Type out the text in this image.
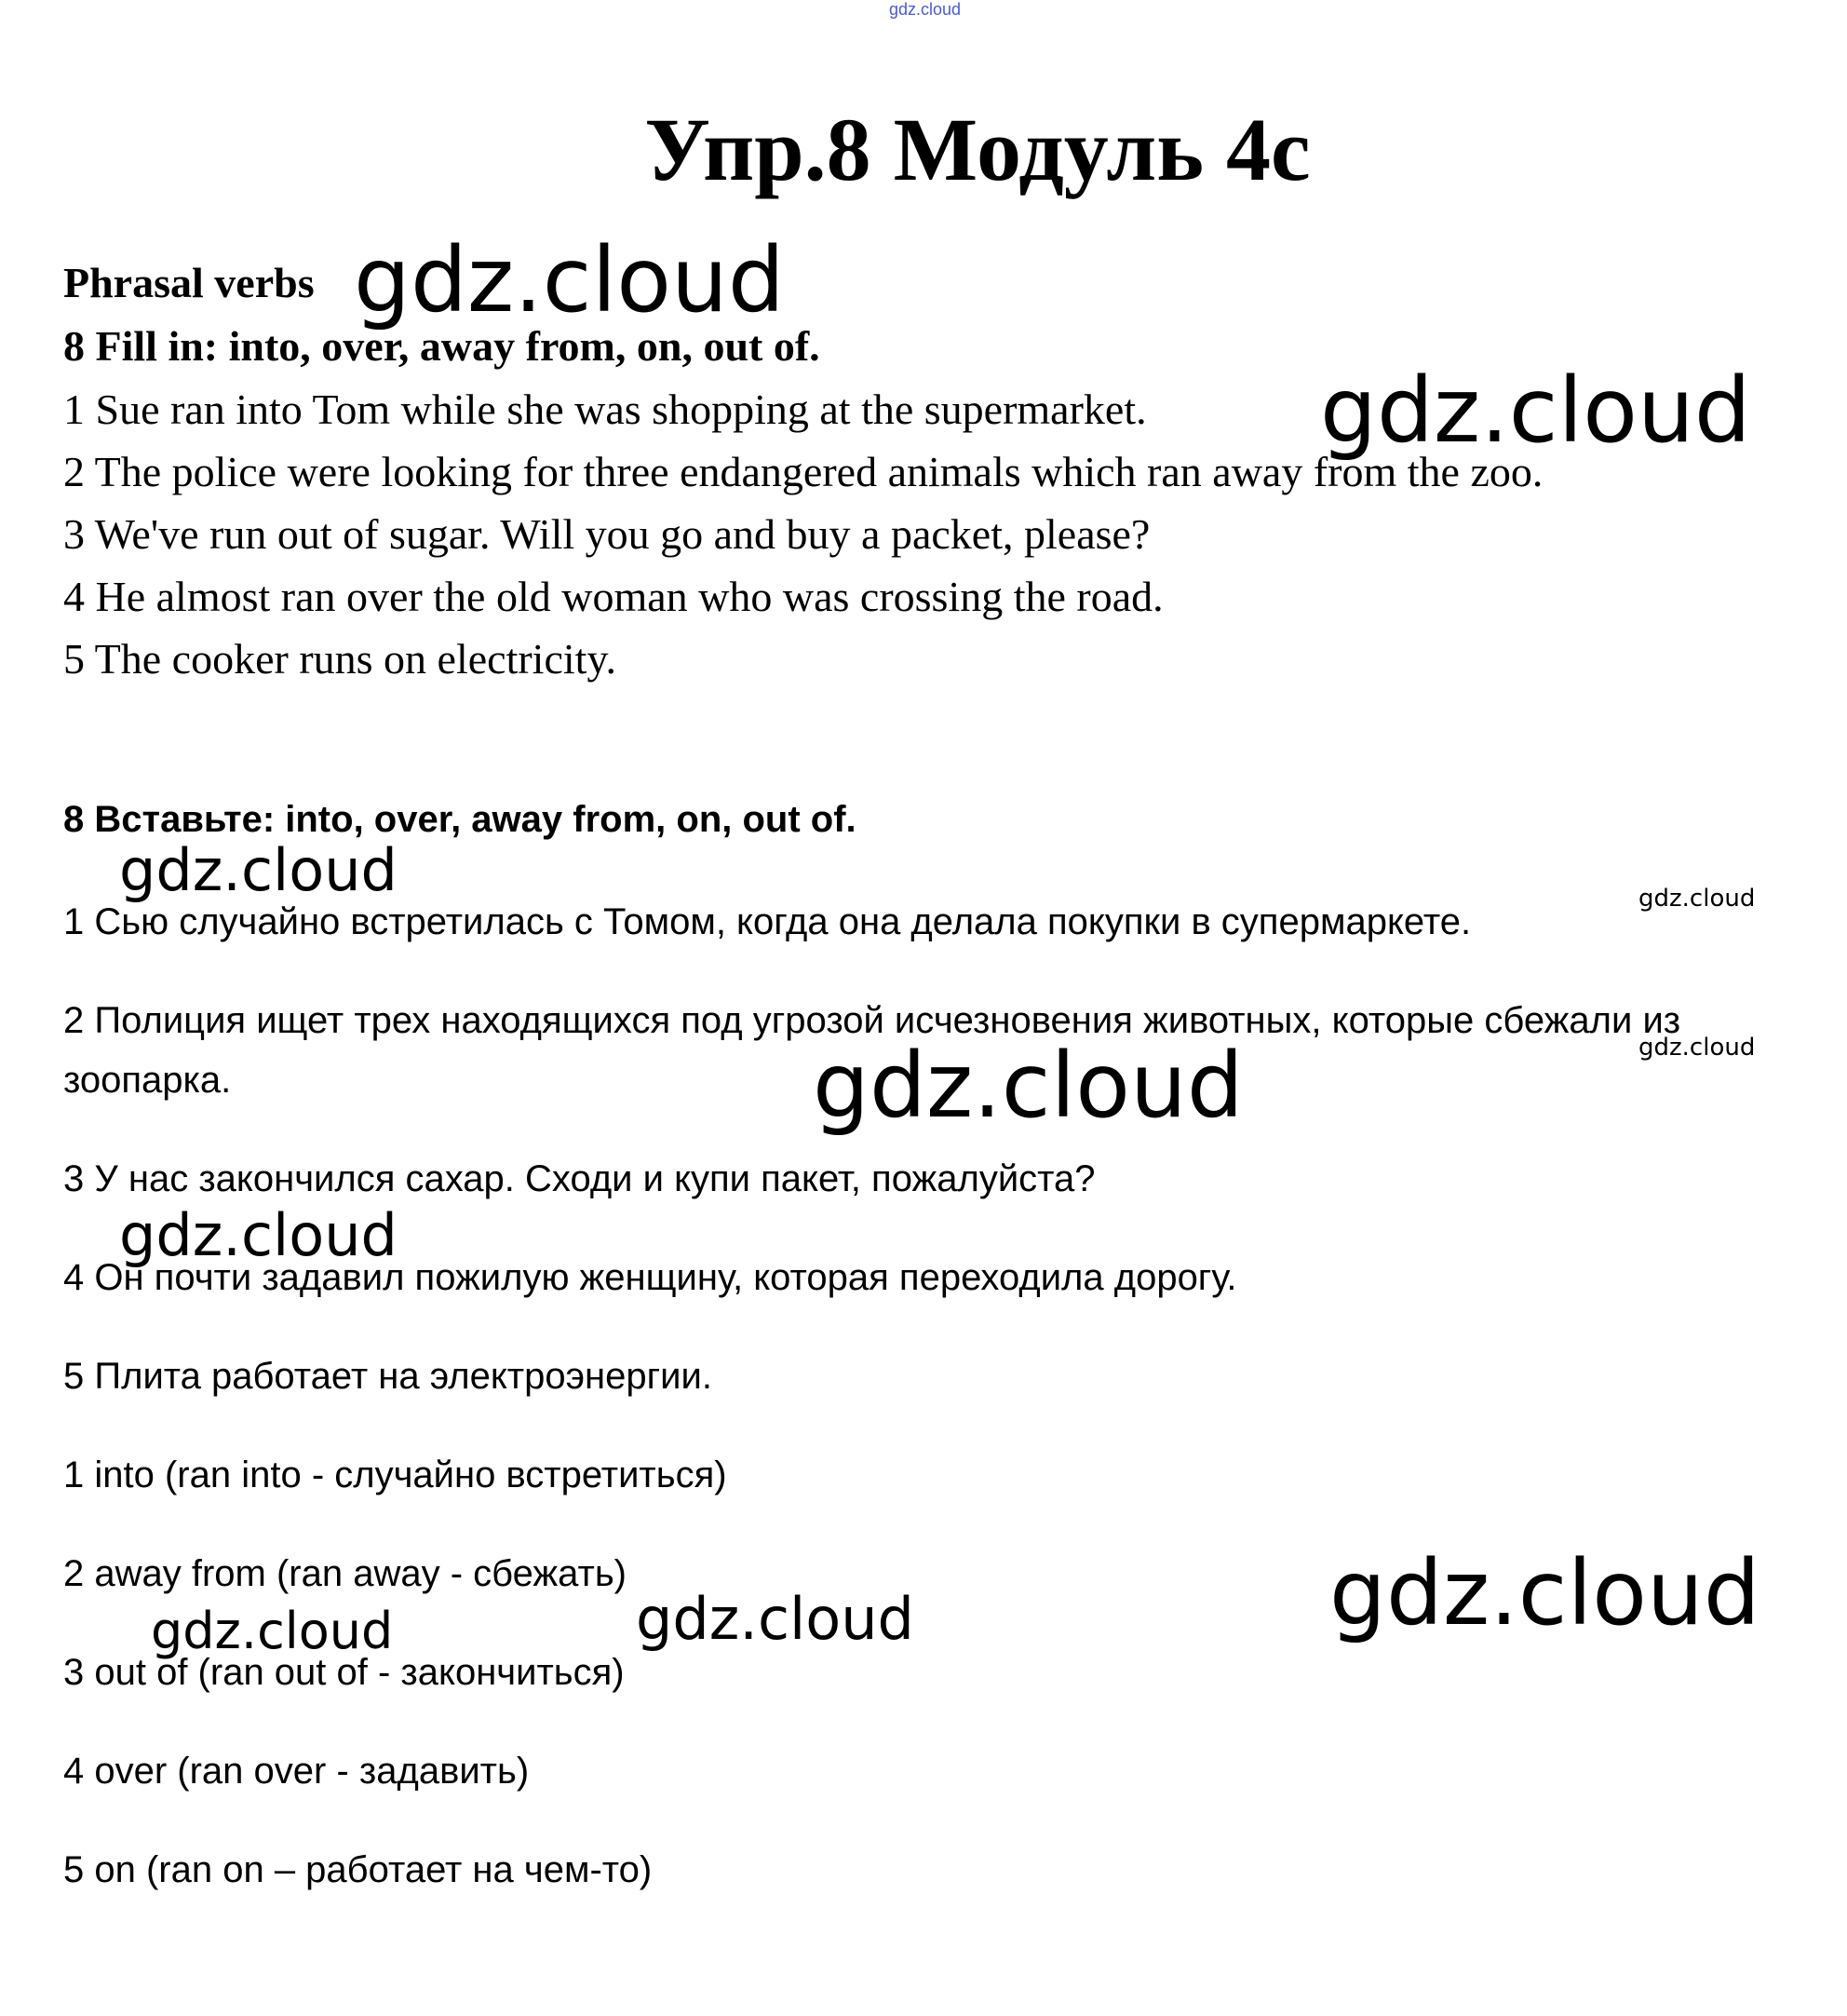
gdz.cloud
Упр.8 Модуль 4с
Phrasal verbs gdz.cloud
8 Fill in: into, over, away from, on, out of.
1 Sue ran into Tom while she was shopping at the supermarket. gdz.cloud
2 The police were looking for three endangered animals which ran away from the zoo.
3 We've run out of sugar. Will you go and buy a packet, please?
4 He almost ran over the old woman who was crossing the road.
5 The cooker runs on electricity.
8 Вставьте: into, over, away from, on, out of.
gdz.cloud	gdz.cloud
1 Сью случайно встретилась с Томом, когда она делала покупки в супермаркете.
2 Полиция ищет трех находящихся под угрозой исчезновения животных, которые сбежали из
gdz.cloud
зоопарка.	gdz.cloud
3 У нас закончился сахар. Сходи и купи пакет, пожалуйста?
gdz.cloud
4 Он почти задавил пожилую женщину, которая переходила дорогу.
5 Плита работает на электроэнергии.
1 into (ran into - случайно встретиться)
2 away from (ran away - сбежать)	gdz.cloud
gdz.cloud	gdz.cloud
3 out of (ran out of - закончиться)
4 over (ran over - задавить)
5 on (ran on – работает на чем-то)
